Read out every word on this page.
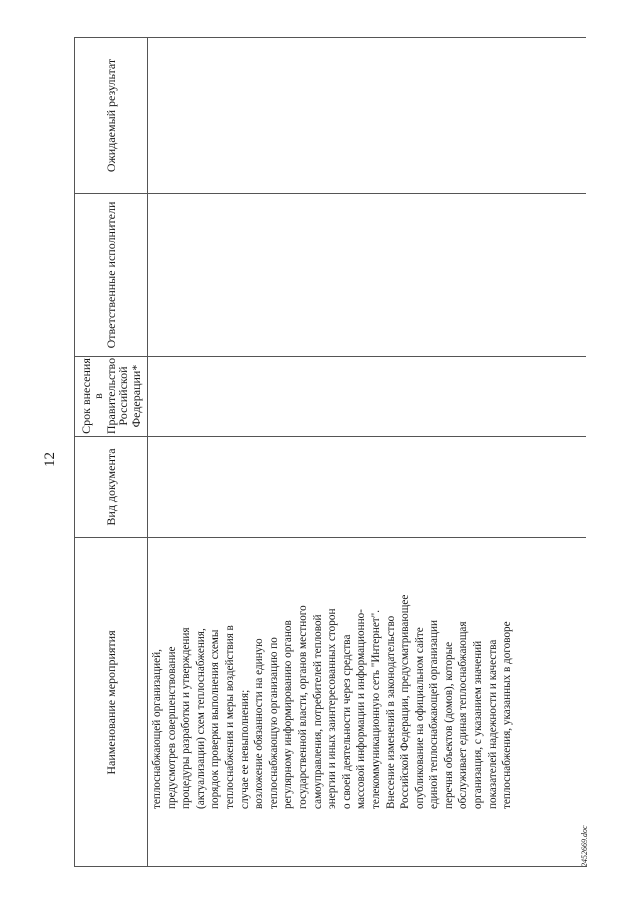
12
Наименование мероприятия
Вид документа
Срок внесения в Правительство Российской Федерации*
Ответственные исполнители
Ожидаемый результат
теплоснабжающей организацией, предусмотрев совершенствование процедуры разработки и утверждения (актуализации) схем теплоснабжения, порядок проверки выполнения схемы теплоснабжения и меры воздействия в случае ее невыполнения; возложение обязанности на единую теплоснабжающую организацию по регулярному информированию органов государственной власти, органов местного самоуправления, потребителей тепловой энергии и иных заинтересованных сторон о своей деятельности через средства массовой информации и информационно- телекоммуникационную сеть "Интернет". Внесение изменений в законодательство Российской Федерации, предусматривающее опубликование на официальном сайте единой теплоснабжающей организации перечня объектов (домов), которые обслуживает единая теплоснабжающая организация, с указанием значений показателей надежности и качества теплоснабжения, указанных в договоре
2452669.doc
